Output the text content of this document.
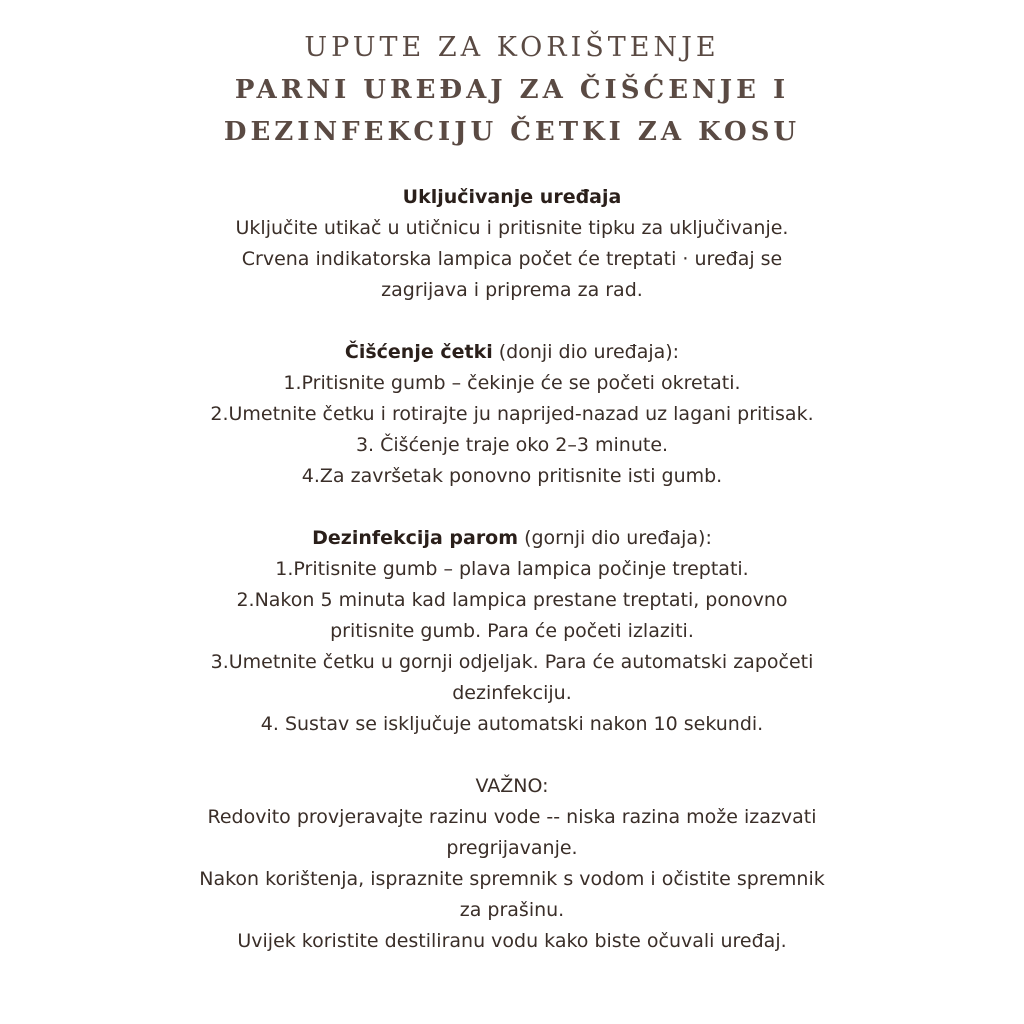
UPUTE ZA KORIŠTENJE
PARNI UREĐAJ ZA ČIŠĆENJE I
DEZINFEKCIJU ČETKI ZA KOSU
Uključivanje uređaja
Uključite utikač u utičnicu i pritisnite tipku za uključivanje.
Crvena indikatorska lampica počet će treptati · uređaj se
zagrijava i priprema za rad.
Čišćenje četki (donji dio uređaja):
1.Pritisnite gumb – čekinje će se početi okretati.
2.Umetnite četku i rotirajte ju naprijed-nazad uz lagani pritisak.
3. Čišćenje traje oko 2–3 minute.
4.Za završetak ponovno pritisnite isti gumb.
Dezinfekcija parom (gornji dio uređaja):
1.Pritisnite gumb – plava lampica počinje treptati.
2.Nakon 5 minuta kad lampica prestane treptati, ponovno
pritisnite gumb. Para će početi izlaziti.
3.Umetnite četku u gornji odjeljak. Para će automatski započeti
dezinfekciju.
4. Sustav se isključuje automatski nakon 10 sekundi.
VAŽNO:
Redovito provjeravajte razinu vode -- niska razina može izazvati
pregrijavanje.
Nakon korištenja, ispraznite spremnik s vodom i očistite spremnik
za prašinu.
Uvijek koristite destiliranu vodu kako biste očuvali uređaj.
